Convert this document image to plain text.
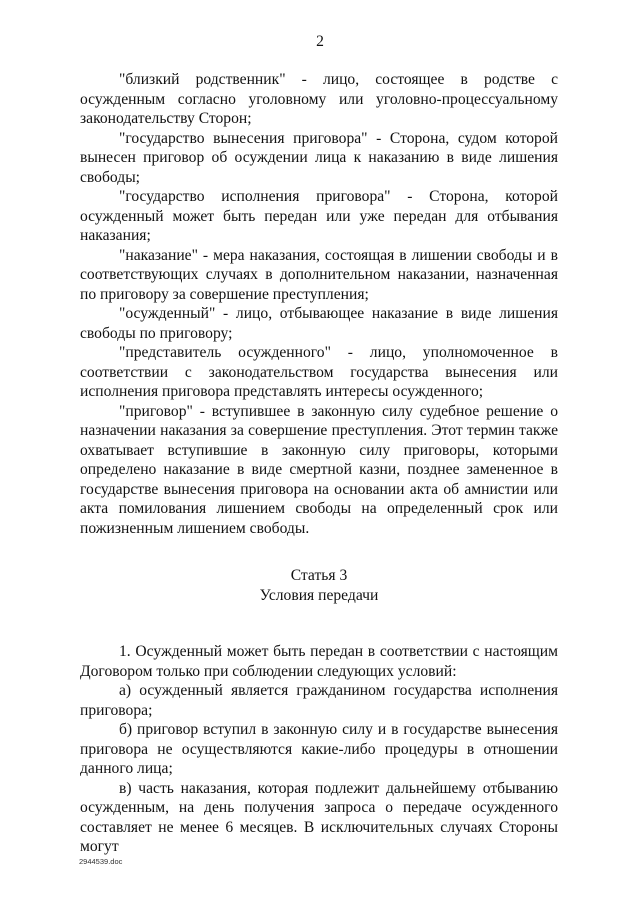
2

"близкий родственник" - лицо, состоящее в родстве с осужденным согласно уголовному или уголовно-процессуальному законодательству Сторон;

"государство вынесения приговора" - Сторона, судом которой вынесен приговор об осуждении лица к наказанию в виде лишения свободы;

"государство исполнения приговора" - Сторона, которой осужденный может быть передан или уже передан для отбывания наказания;

"наказание" - мера наказания, состоящая в лишении свободы и в соответствующих случаях в дополнительном наказании, назначенная по приговору за совершение преступления;

"осужденный" - лицо, отбывающее наказание в виде лишения свободы по приговору;

"представитель осужденного" - лицо, уполномоченное в соответствии с законодательством государства вынесения или исполнения приговора представлять интересы осужденного;

"приговор" - вступившее в законную силу судебное решение о назначении наказания за совершение преступления. Этот термин также охватывает вступившие в законную силу приговоры, которыми определено наказание в виде смертной казни, позднее замененное в государстве вынесения приговора на основании акта об амнистии или акта помилования лишением свободы на определенный срок или пожизненным лишением свободы.

Статья 3

Условия передачи

1. Осужденный может быть передан в соответствии с настоящим Договором только при соблюдении следующих условий:

а) осужденный является гражданином государства исполнения приговора;

б) приговор вступил в законную силу и в государстве вынесения приговора не осуществляются какие-либо процедуры в отношении данного лица;

в) часть наказания, которая подлежит дальнейшему отбыванию осужденным, на день получения запроса о передаче осужденного составляет не менее 6 месяцев. В исключительных случаях Стороны могут

2944539.doc
